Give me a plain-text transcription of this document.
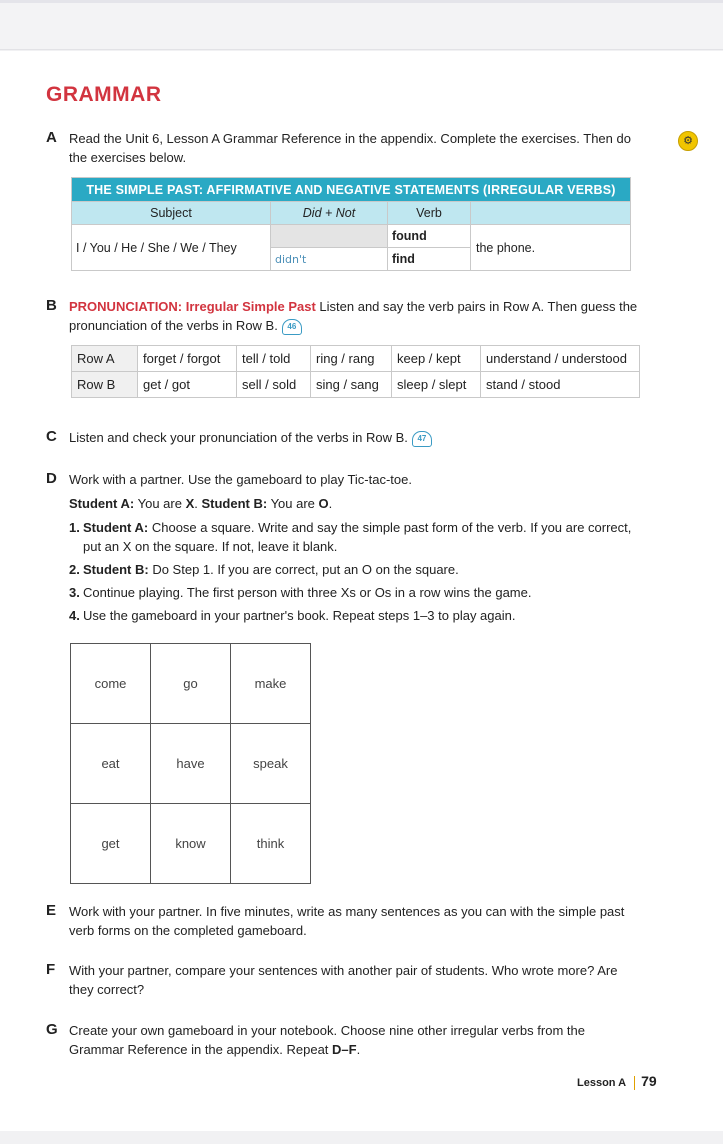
GRAMMAR
A Read the Unit 6, Lesson A Grammar Reference in the appendix. Complete the exercises. Then do
the exercises below.
⚙
THE SIMPLE PAST: AFFIRMATIVE AND NEGATIVE STATEMENTS (IRREGULAR VERBS)			
Subject	Did + Not	Verb	
I / You / He / She / We / They		found	the phone.
	didn't	find	
B PRONUNCIATION: Irregular Simple Past Listen and say the verb pairs in Row A. Then guess the
pronunciation of the verbs in Row B. 46
Row A	forget / forgot	tell / told	ring / rang	keep / kept	understand / understood
Row B	get / got	sell / sold	sing / sang	sleep / slept	stand / stood
C Listen and check your pronunciation of the verbs in Row B. 47
D Work with a partner. Use the gameboard to play Tic-tac-toe.
Student A: You are X. Student B: You are O.
1. Student A: Choose a square. Write and say the simple past form of the verb. If you are correct,
put an X on the square. If not, leave it blank.
2. Student B: Do Step 1. If you are correct, put an O on the square.
3. Continue playing. The first person with three Xs or Os in a row wins the game.
4. Use the gameboard in your partner's book. Repeat steps 1–3 to play again.
come	go	make
eat	have	speak
get	know	think
E Work with your partner. In five minutes, write as many sentences as you can with the simple past
verb forms on the completed gameboard.
F With your partner, compare your sentences with another pair of students. Who wrote more? Are
they correct?
G Create your own gameboard in your notebook. Choose nine other irregular verbs from the
Grammar Reference in the appendix. Repeat D–F.
Lesson A 79
